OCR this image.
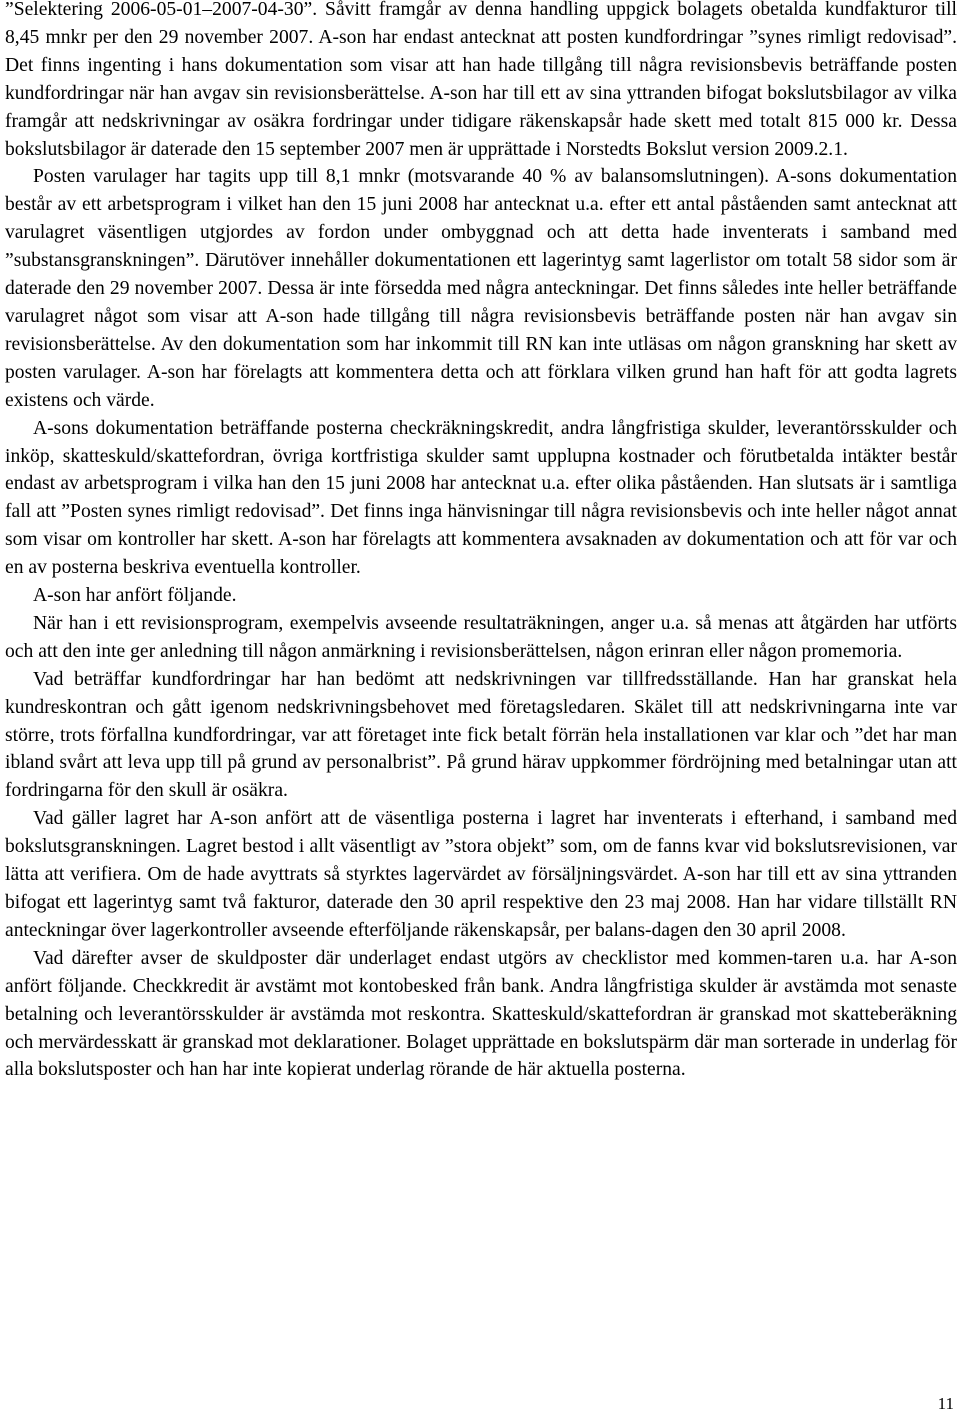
”Selektering 2006-05-01–2007-04-30”. Såvitt framgår av denna handling uppgick bolagets obetalda kundfakturor till 8,45 mnkr per den 29 november 2007. A-son har endast antecknat att posten kundfordringar ”synes rimligt redovisad”. Det finns ingenting i hans dokumentation som visar att han hade tillgång till några revisionsbevis beträffande posten kundfordringar när han avgav sin revisionsberättelse. A-son har till ett av sina yttranden bifogat bokslutsbilagor av vilka framgår att nedskrivningar av osäkra fordringar under tidigare räkenskapsår hade skett med totalt 815 000 kr. Dessa bokslutsbilagor är daterade den 15 september 2007 men är upprättade i Norstedts Bokslut version 2009.2.1.

Posten varulager har tagits upp till 8,1 mnkr (motsvarande 40 % av balansomslutningen). A-sons dokumentation består av ett arbetsprogram i vilket han den 15 juni 2008 har antecknat u.a. efter ett antal påståenden samt antecknat att varulagret väsentligen utgjordes av fordon under ombyggnad och att detta hade inventerats i samband med ”substansgranskningen”. Därutöver innehåller dokumentationen ett lagerintyg samt lagerlistor om totalt 58 sidor som är daterade den 29 november 2007. Dessa är inte försedda med några anteckningar. Det finns således inte heller beträffande varulagret något som visar att A-son hade tillgång till några revisionsbevis beträffande posten när han avgav sin revisionsberättelse. Av den dokumentation som har inkommit till RN kan inte utläsas om någon granskning har skett av posten varulager. A-son har förelagts att kommentera detta och att förklara vilken grund han haft för att godta lagrets existens och värde.

A-sons dokumentation beträffande posterna checkräkningskredit, andra långfristiga skulder, leverantörsskulder och inköp, skatteskuld/skattefordran, övriga kortfristiga skulder samt upplupna kostnader och förutbetalda intäkter består endast av arbetsprogram i vilka han den 15 juni 2008 har antecknat u.a. efter olika påståenden. Han slutsats är i samtliga fall att ”Posten synes rimligt redovisad”. Det finns inga hänvisningar till några revisionsbevis och inte heller något annat som visar om kontroller har skett. A-son har förelagts att kommentera avsaknaden av dokumentation och att för var och en av posterna beskriva eventuella kontroller.

A-son har anfört följande.

När han i ett revisionsprogram, exempelvis avseende resultaträkningen, anger u.a. så menas att åtgärden har utförts och att den inte ger anledning till någon anmärkning i revisionsberättelsen, någon erinran eller någon promemoria.

Vad beträffar kundfordringar har han bedömt att nedskrivningen var tillfredsställande. Han har granskat hela kundreskontran och gått igenom nedskrivningsbehovet med företagsledaren. Skälet till att nedskrivningarna inte var större, trots förfallna kundfordringar, var att företaget inte fick betalt förrän hela installationen var klar och ”det har man ibland svårt att leva upp till på grund av personalbrist”. På grund härav uppkommer fördröjning med betalningar utan att fordringarna för den skull är osäkra.

Vad gäller lagret har A-son anfört att de väsentliga posterna i lagret har inventerats i efterhand, i samband med bokslutsgranskningen. Lagret bestod i allt väsentligt av ”stora objekt” som, om de fanns kvar vid bokslutsrevisionen, var lätta att verifiera. Om de hade avyttrats så styrktes lagervärdet av försäljningsvärdet. A-son har till ett av sina yttranden bifogat ett lagerintyg samt två fakturor, daterade den 30 april respektive den 23 maj 2008. Han har vidare tillställt RN anteckningar över lagerkontroller avseende efterföljande räkenskapsår, per balans-dagen den 30 april 2008.

Vad därefter avser de skuldposter där underlaget endast utgörs av checklistor med kommen-taren u.a. har A-son anfört följande. Checkkredit är avstämt mot kontobesked från bank. Andra långfristiga skulder är avstämda mot senaste betalning och leverantörsskulder är avstämda mot reskontra. Skatteskuld/skattefordran är granskad mot skatteberäkning och mervärdesskatt är granskad mot deklarationer. Bolaget upprättade en bokslutspärm där man sorterade in underlag för alla bokslutsposter och han har inte kopierat underlag rörande de här aktuella posterna.

11
